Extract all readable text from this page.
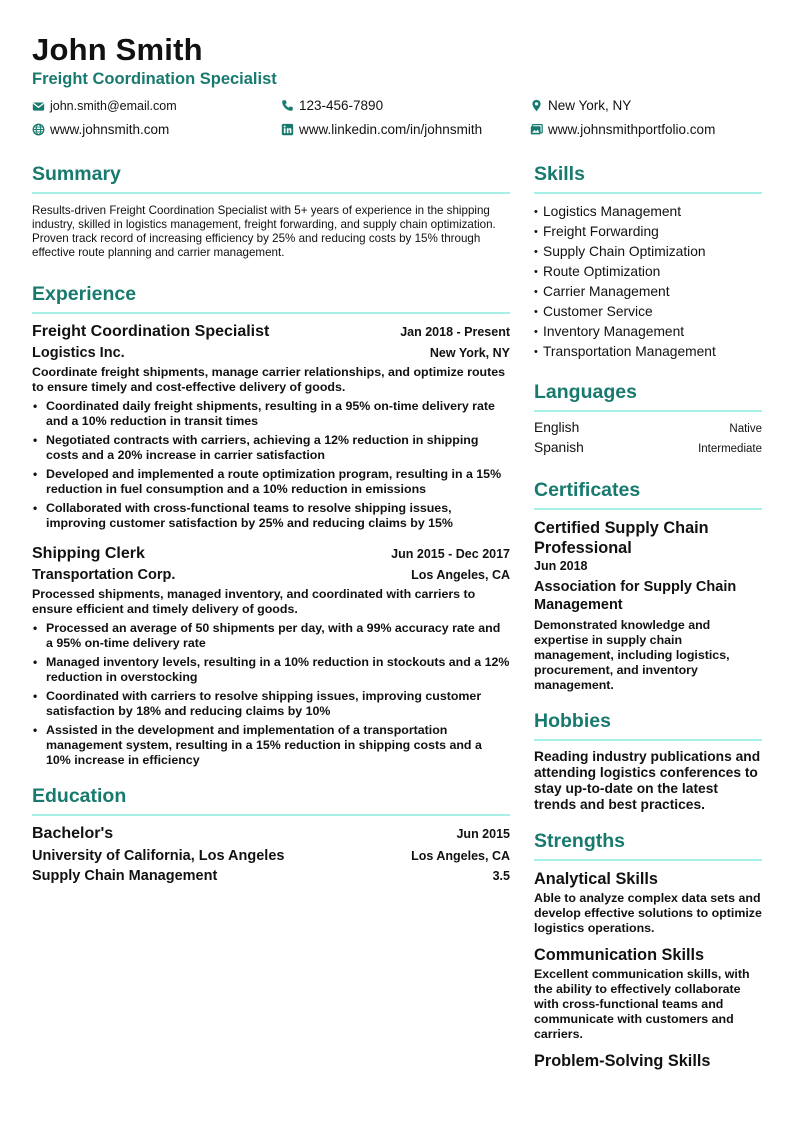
John Smith
Freight Coordination Specialist
john.smith@email.com	123-456-7890	New York, NY
www.johnsmith.com	www.linkedin.com/in/johnsmith	www.johnsmithportfolio.com
Summary
Results-driven Freight Coordination Specialist with 5+ years of experience in the shipping industry, skilled in logistics management, freight forwarding, and supply chain optimization. Proven track record of increasing efficiency by 25% and reducing costs by 15% through effective route planning and carrier management.
Experience
Freight Coordination Specialist	Jan 2018 - Present
Logistics Inc.	New York, NY
Coordinate freight shipments, manage carrier relationships, and optimize routes to ensure timely and cost-effective delivery of goods.
• Coordinated daily freight shipments, resulting in a 95% on-time delivery rate and a 10% reduction in transit times
• Negotiated contracts with carriers, achieving a 12% reduction in shipping costs and a 20% increase in carrier satisfaction
• Developed and implemented a route optimization program, resulting in a 15% reduction in fuel consumption and a 10% reduction in emissions
• Collaborated with cross-functional teams to resolve shipping issues, improving customer satisfaction by 25% and reducing claims by 15%
Shipping Clerk	Jun 2015 - Dec 2017
Transportation Corp.	Los Angeles, CA
Processed shipments, managed inventory, and coordinated with carriers to ensure efficient and timely delivery of goods.
• Processed an average of 50 shipments per day, with a 99% accuracy rate and a 95% on-time delivery rate
• Managed inventory levels, resulting in a 10% reduction in stockouts and a 12% reduction in overstocking
• Coordinated with carriers to resolve shipping issues, improving customer satisfaction by 18% and reducing claims by 10%
• Assisted in the development and implementation of a transportation management system, resulting in a 15% reduction in shipping costs and a 10% increase in efficiency
Education
Bachelor's	Jun 2015
University of California, Los Angeles	Los Angeles, CA
Supply Chain Management	3.5
Skills
• Logistics Management
• Freight Forwarding
• Supply Chain Optimization
• Route Optimization
• Carrier Management
• Customer Service
• Inventory Management
• Transportation Management
Languages
English	Native
Spanish	Intermediate
Certificates
Certified Supply Chain Professional
Jun 2018
Association for Supply Chain Management
Demonstrated knowledge and expertise in supply chain management, including logistics, procurement, and inventory management.
Hobbies
Reading industry publications and attending logistics conferences to stay up-to-date on the latest trends and best practices.
Strengths
Analytical Skills
Able to analyze complex data sets and develop effective solutions to optimize logistics operations.
Communication Skills
Excellent communication skills, with the ability to effectively collaborate with cross-functional teams and communicate with customers and carriers.
Problem-Solving Skills
